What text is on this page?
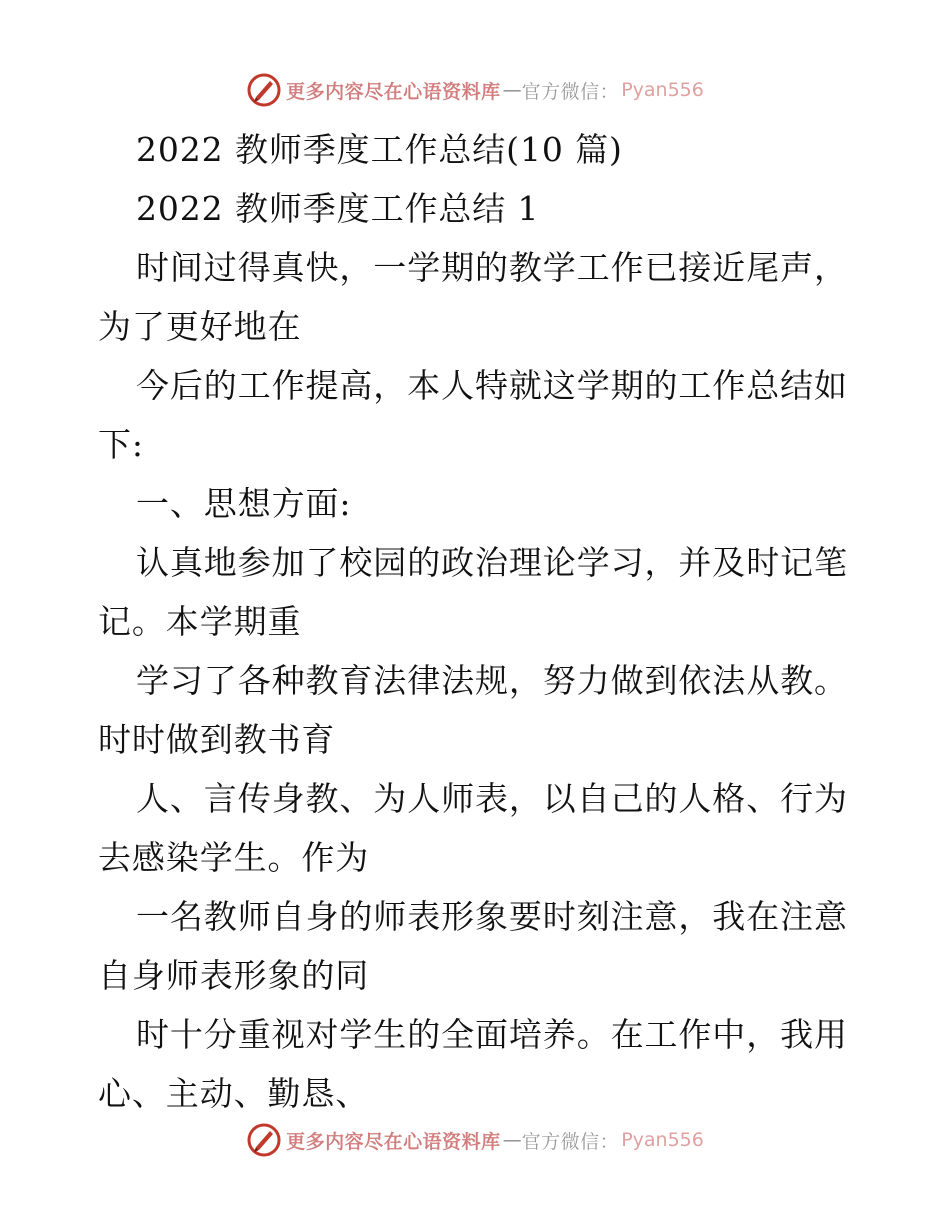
更多内容尽在心语资料库 — 官方微信： Pyan556
2022 教师季度工作总结(10 篇)
2022 教师季度工作总结 1
时间过得真快，一学期的教学工作已接近尾声，
为了更好地在
今后的工作提高，本人特就这学期的工作总结如
下:
一、思想方面:
认真地参加了校园的政治理论学习，并及时记笔
记。本学期重
学习了各种教育法律法规，努力做到依法从教。
时时做到教书育
人、言传身教、为人师表，以自己的人格、行为
去感染学生。作为
一名教师自身的师表形象要时刻注意，我在注意
自身师表形象的同
时十分重视对学生的全面培养。在工作中，我用
心、主动、勤恳、
更多内容尽在心语资料库 — 官方微信： Pyan556
